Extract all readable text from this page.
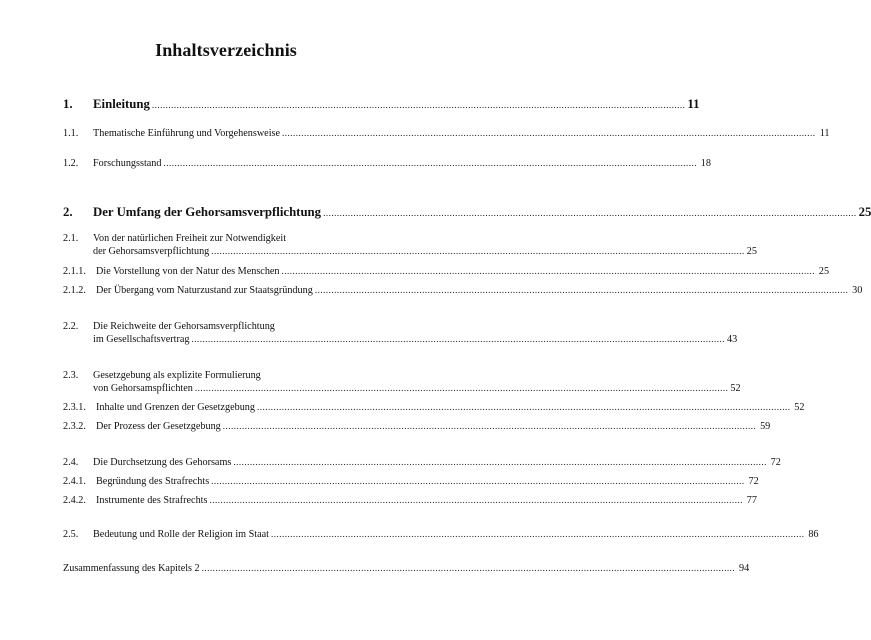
Inhaltsverzeichnis
1.	Einleitung .....	11
1.1.	Thematische Einführung und Vorgehensweise .....	11
1.2.	Forschungsstand .....	18
2.	Der Umfang der Gehorsamsverpflichtung .....	25
2.1.	Von der natürlichen Freiheit zur Notwendigkeit
der Gehorsamsverpflichtung .....	25
2.1.1. Die Vorstellung von der Natur des Menschen .....	25
2.1.2. Der Übergang vom Naturzustand zur Staatsgründung .....	30
2.2.	Die Reichweite der Gehorsamsverpflichtung
im Gesellschaftsvertrag .....	43
2.3.	Gesetzgebung als explizite Formulierung
von Gehorsamspflichten .....	52
2.3.1. Inhalte und Grenzen der Gesetzgebung .....	52
2.3.2. Der Prozess der Gesetzgebung .....	59
2.4.	Die Durchsetzung des Gehorsams .....	72
2.4.1. Begründung des Strafrechts .....	72
2.4.2. Instrumente des Strafrechts .....	77
2.5.	Bedeutung und Rolle der Religion im Staat .....	86
Zusammenfassung des Kapitels 2 .....	94
